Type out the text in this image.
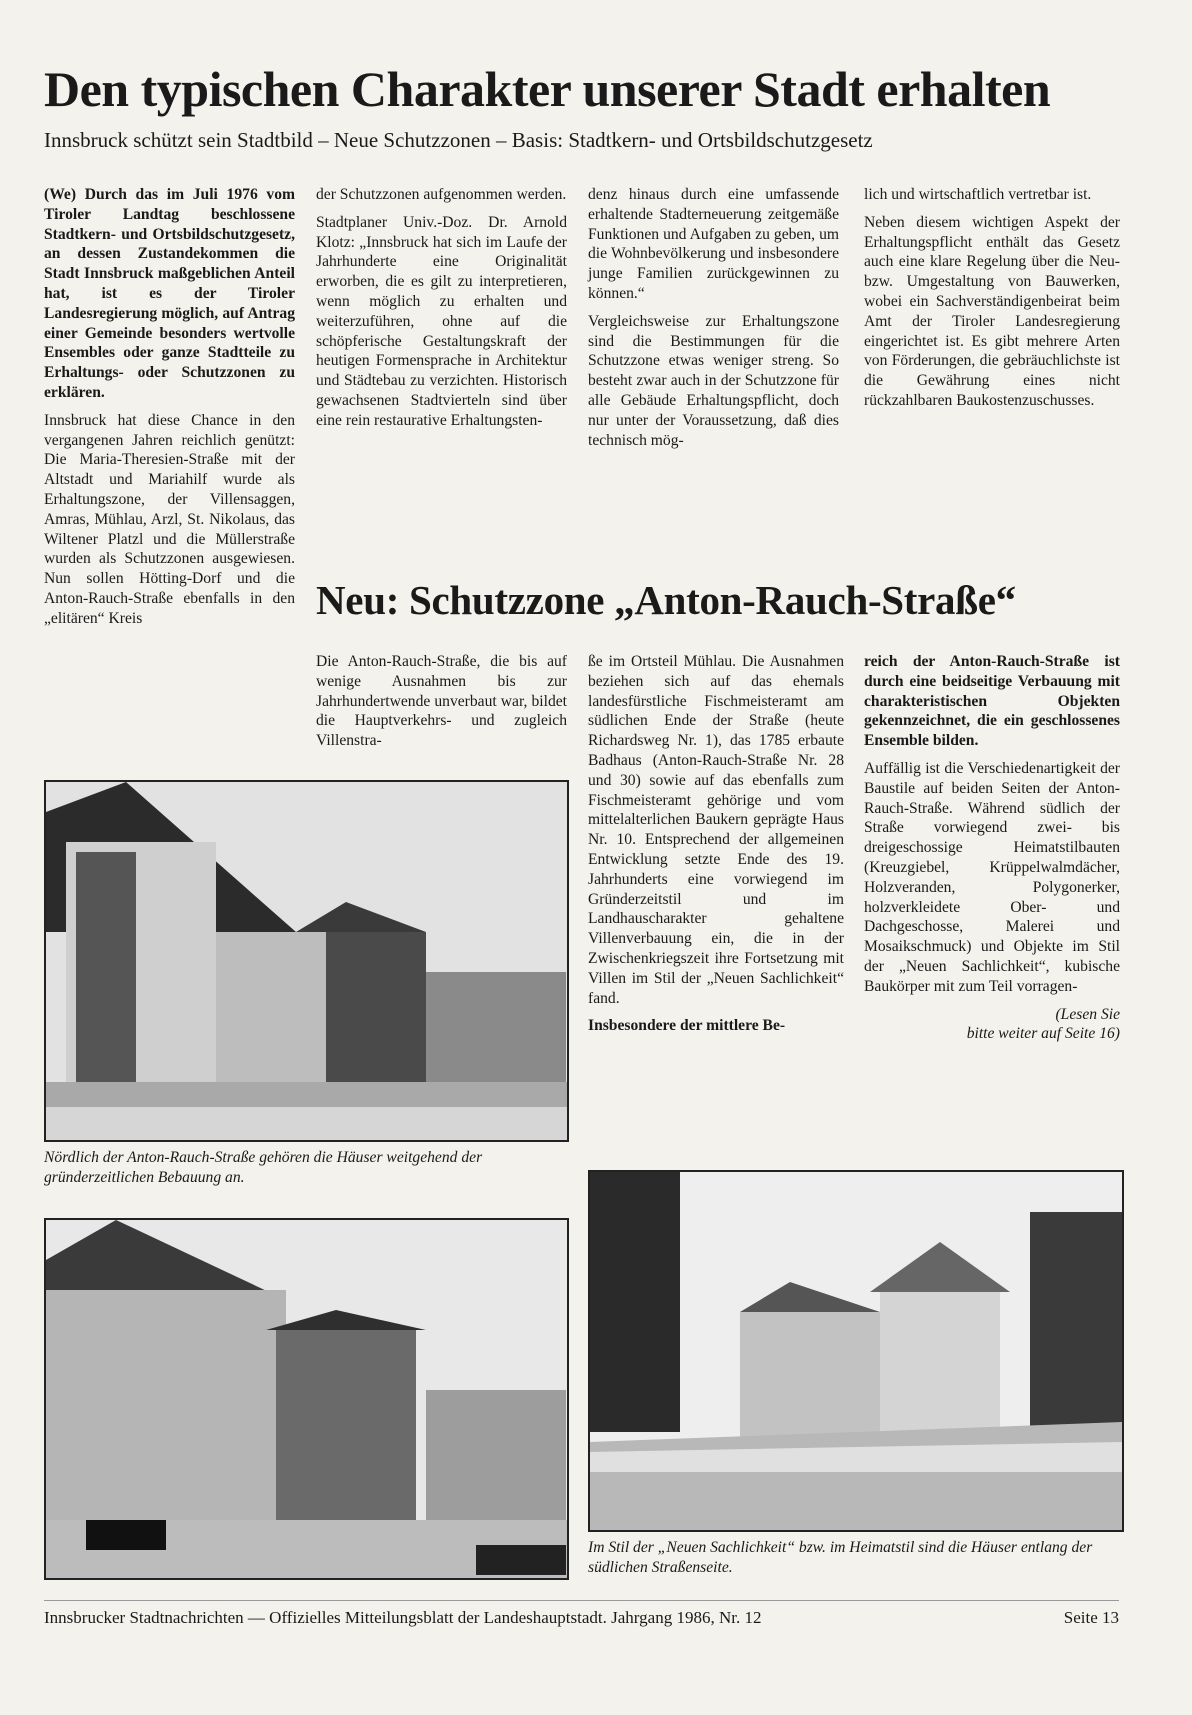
Den typischen Charakter unserer Stadt erhalten

Innsbruck schützt sein Stadtbild – Neue Schutzzonen – Basis: Stadtkern- und Ortsbildschutzgesetz

(We) Durch das im Juli 1976 vom Tiroler Landtag beschlossene Stadtkern- und Ortsbildschutzgesetz, an dessen Zustandekommen die Stadt Innsbruck maßgeblichen Anteil hat, ist es der Tiroler Landesregierung möglich, auf Antrag einer Gemeinde besonders wertvolle Ensembles oder ganze Stadtteile zu Erhaltungs- oder Schutzzonen zu erklären.

Innsbruck hat diese Chance in den vergangenen Jahren reichlich genützt: Die Maria-Theresien-Straße mit der Altstadt und Mariahilf wurde als Erhaltungszone, der Villensaggen, Amras, Mühlau, Arzl, St. Nikolaus, das Wiltener Platzl und die Müllerstraße wurden als Schutzzonen ausgewiesen. Nun sollen Hötting-Dorf und die Anton-Rauch-Straße ebenfalls in den „elitären“ Kreis

der Schutzzonen aufgenommen werden.

Stadtplaner Univ.-Doz. Dr. Arnold Klotz: „Innsbruck hat sich im Laufe der Jahrhunderte eine Originalität erworben, die es gilt zu interpretieren, wenn möglich zu erhalten und weiterzuführen, ohne auf die schöpferische Gestaltungskraft der heutigen Formensprache in Architektur und Städtebau zu verzichten. Historisch gewachsenen Stadtvierteln sind über eine rein restaurative Erhaltungsten-

denz hinaus durch eine umfassende erhaltende Stadterneuerung zeitgemäße Funktionen und Aufgaben zu geben, um die Wohnbevölkerung und insbesondere junge Familien zurückgewinnen zu können.“

Vergleichsweise zur Erhaltungszone sind die Bestimmungen für die Schutzzone etwas weniger streng. So besteht zwar auch in der Schutzzone für alle Gebäude Erhaltungspflicht, doch nur unter der Voraussetzung, daß dies technisch mög-

lich und wirtschaftlich vertretbar ist.

Neben diesem wichtigen Aspekt der Erhaltungspflicht enthält das Gesetz auch eine klare Regelung über die Neu- bzw. Umgestaltung von Bauwerken, wobei ein Sachverständigenbeirat beim Amt der Tiroler Landesregierung eingerichtet ist. Es gibt mehrere Arten von Förderungen, die gebräuchlichste ist die Gewährung eines nicht rückzahlbaren Baukostenzuschusses.

Neu: Schutzzone „Anton-Rauch-Straße“

Die Anton-Rauch-Straße, die bis auf wenige Ausnahmen bis zur Jahrhundertwende unverbaut war, bildet die Hauptverkehrs- und zugleich Villenstra-

ße im Ortsteil Mühlau. Die Ausnahmen beziehen sich auf das ehemals landesfürstliche Fischmeisteramt am südlichen Ende der Straße (heute Richardsweg Nr. 1), das 1785 erbaute Badhaus (Anton-Rauch-Straße Nr. 28 und 30) sowie auf das ebenfalls zum Fischmeisteramt gehörige und vom mittelalterlichen Baukern geprägte Haus Nr. 10. Entsprechend der allgemeinen Entwicklung setzte Ende des 19. Jahrhunderts eine vorwiegend im Gründerzeitstil und im Landhauscharakter gehaltene Villenverbauung ein, die in der Zwischenkriegszeit ihre Fortsetzung mit Villen im Stil der „Neuen Sachlichkeit“ fand.

Insbesondere der mittlere Be-

reich der Anton-Rauch-Straße ist durch eine beidseitige Verbauung mit charakteristischen Objekten gekennzeichnet, die ein geschlossenes Ensemble bilden.

Auffällig ist die Verschiedenartigkeit der Baustile auf beiden Seiten der Anton-Rauch-Straße. Während südlich der Straße vorwiegend zwei- bis dreigeschossige Heimatstilbauten (Kreuzgiebel, Krüppelwalmdächer, Holzveranden, Polygonerker, holzverkleidete Ober- und Dachgeschosse, Malerei und Mosaikschmuck) und Objekte im Stil der „Neuen Sachlichkeit“, kubische Baukörper mit zum Teil vorragen-

(Lesen Sie
bitte weiter auf Seite 16)
Nördlich der Anton-Rauch-Straße gehören die Häuser weitgehend der gründerzeitlichen Bebauung an.
Im Stil der „Neuen Sachlichkeit“ bzw. im Heimatstil sind die Häuser entlang der südlichen Straßenseite.
Innsbrucker Stadtnachrichten — Offizielles Mitteilungsblatt der Landeshauptstadt. Jahrgang 1986, Nr. 12	Seite 13
